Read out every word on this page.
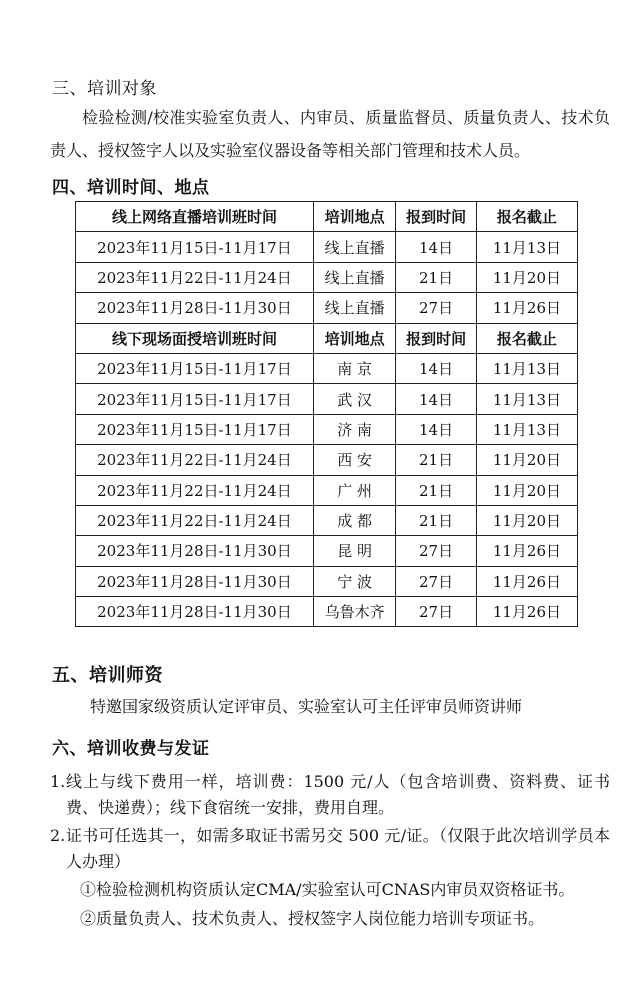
三、培训对象
检验检测/校准实验室负责人、内审员、质量监督员、质量负责人、技术负责人、授权签字人以及实验室仪器设备等相关部门管理和技术人员。
四、培训时间、地点
线上网络直播培训班时间	培训地点	报到时间	报名截止
2023年11月15日-11月17日	线上直播	14日	11月13日
2023年11月22日-11月24日	线上直播	21日	11月20日
2023年11月28日-11月30日	线上直播	27日	11月26日
线下现场面授培训班时间	培训地点	报到时间	报名截止
2023年11月15日-11月17日	南 京	14日	11月13日
2023年11月15日-11月17日	武 汉	14日	11月13日
2023年11月15日-11月17日	济 南	14日	11月13日
2023年11月22日-11月24日	西 安	21日	11月20日
2023年11月22日-11月24日	广 州	21日	11月20日
2023年11月22日-11月24日	成 都	21日	11月20日
2023年11月28日-11月30日	昆 明	27日	11月26日
2023年11月28日-11月30日	宁 波	27日	11月26日
2023年11月28日-11月30日	乌鲁木齐	27日	11月26日
五、培训师资
特邀国家级资质认定评审员、实验室认可主任评审员师资讲师
六、培训收费与发证
1. 线上与线下费用一样，培训费：1500 元/人（包含培训费、资料费、证书费、快递费）；线下食宿统一安排，费用自理。
2. 证书可任选其一，如需多取证书需另交 500 元/证。（仅限于此次培训学员本人办理）
①检验检测机构资质认定CMA/实验室认可CNAS内审员双资格证书。
②质量负责人、技术负责人、授权签字人岗位能力培训专项证书。
